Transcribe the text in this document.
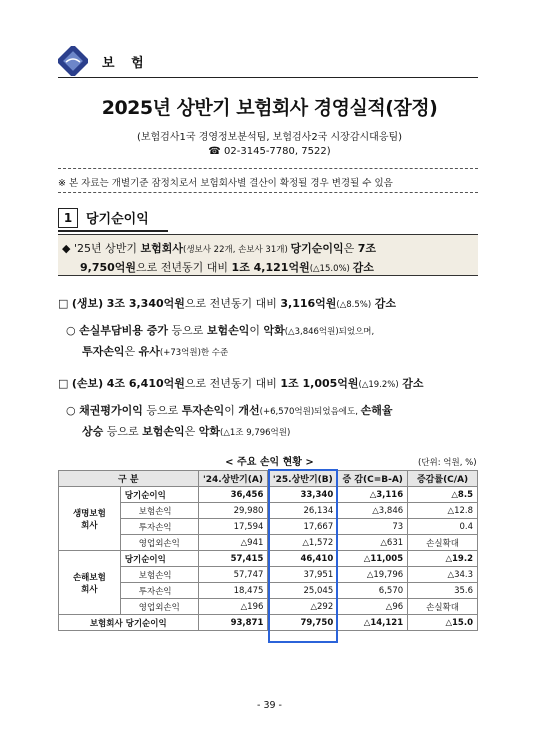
보 험
2025년 상반기 보험회사 경영실적(잠정)
(보험검사1국 경영정보분석팀, 보험검사2국 시장감시대응팀)
☎ 02-3145-7780, 7522)
※ 본 자료는 개별기준 잠정치로서 보험회사별 결산이 확정될 경우 변경될 수 있음
1	당기순이익
◆ '25년 상반기 보험회사(생보사 22개, 손보사 31개) 당기순이익은 7조
9,750억원으로 전년동기 대비 1조 4,121억원(△15.0%) 감소
□ (생보) 3조 3,340억원으로 전년동기 대비 3,116억원(△8.5%) 감소
○ 손실부담비용 증가 등으로 보험손익이 악화(△3,846억원)되었으며,
투자손익은 유사(+73억원)한 수준
□ (손보) 4조 6,410억원으로 전년동기 대비 1조 1,005억원(△19.2%) 감소
○ 채권평가이익 등으로 투자손익이 개선(+6,570억원)되었음에도, 손해율
상승 등으로 보험손익은 악화(△1조 9,796억원)
< 주요 손익 현황 >	(단위: 억원, %)
구 분		'24.상반기(A)	'25.상반기(B)	증 감(C=B-A)	증감률(C/A)
생명보험
회사	당기순이익	36,456	33,340	△3,116	△8.5
	보험손익	29,980	26,134	△3,846	△12.8
	투자손익	17,594	17,667	73	0.4
	영업외손익	△941	△1,572	△631	손실확대
손해보험
회사	당기순이익	57,415	46,410	△11,005	△19.2
	보험손익	57,747	37,951	△19,796	△34.3
	투자손익	18,475	25,045	6,570	35.6
	영업외손익	△196	△292	△96	손실확대
보험회사 당기순이익		93,871	79,750	△14,121	△15.0
- 39 -
